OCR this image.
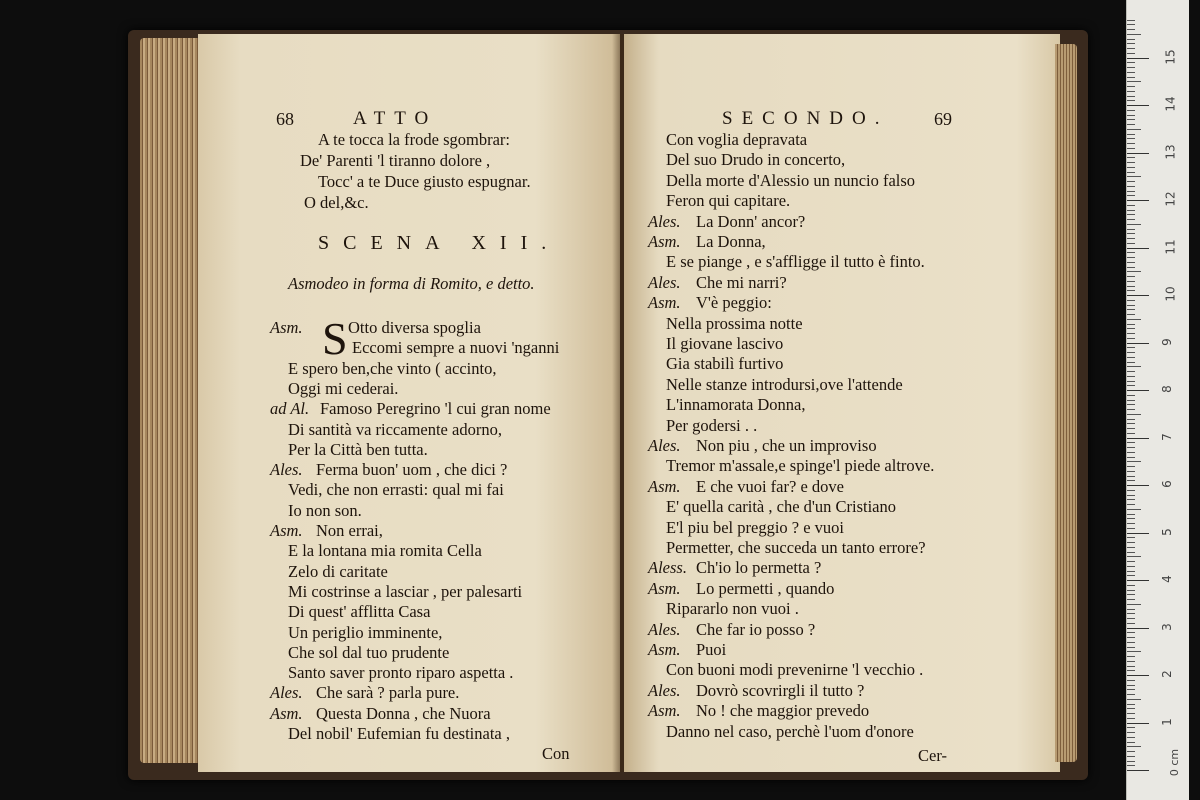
68	ATTO
A te tocca la frode sgombrar:
De' Parenti 'l tiranno dolore ,
Tocc' a te Duce giusto espugnar.
O del,&c.
SCENA XII.
Asmodeo in forma di Romito, e detto.
S
Asm.	Otto diversa spoglia
Eccomi sempre a nuovi 'nganni
E spero ben,che vinto ( accinto,
Oggi mi cederai.
ad Al. Famoso Peregrino 'l cui gran nome
Di santità va riccamente adorno,
Per la Città ben tutta.
Ales. Ferma buon' uom , che dici ?
Vedi, che non errasti: qual mi fai
Io non son.
Asm. Non errai,
E la lontana mia romita Cella
Zelo di caritate
Mi costrinse a lasciar , per palesarti
Di quest' afflitta Casa
Un periglio imminente,
Che sol dal tuo prudente
Santo saver pronto riparo aspetta .
Ales. Che sarà ? parla pure.
Asm. Questa Donna , che Nuora
Del nobil' Eufemian fu destinata ,
Con
SECONDO.	69
Con voglia depravata
Del suo Drudo in concerto,
Della morte d'Alessio un nuncio falso
Feron qui capitare.
Ales. La Donn' ancor?
Asm. La Donna,
E se piange , e s'affligge il tutto è finto.
Ales. Che mi narri?
Asm. V'è peggio:
Nella prossima notte
Il giovane lascivo
Gia stabilì furtivo
Nelle stanze introdursi,ove l'attende
L'innamorata Donna,
Per godersi . .
Ales. Non piu , che un improviso
Tremor m'assale,e spinge'l piede altrove.
Asm. E che vuoi far? e dove
E' quella carità , che d'un Cristiano
E'l piu bel preggio ? e vuoi
Permetter, che succeda un tanto errore?
Aless. Ch'io lo permetta ?
Asm. Lo permetti , quando
Ripararlo non vuoi .
Ales. Che far io posso ?
Asm. Puoi
Con buoni modi prevenirne 'l vecchio .
Ales. Dovrò scovrirgli il tutto ?
Asm. No ! che maggior prevedo
Danno nel caso, perchè l'uom d'onore
Cer-	0 cm
1
2
3
4
5
6
7
8
9
10
11
12
13
14
15
